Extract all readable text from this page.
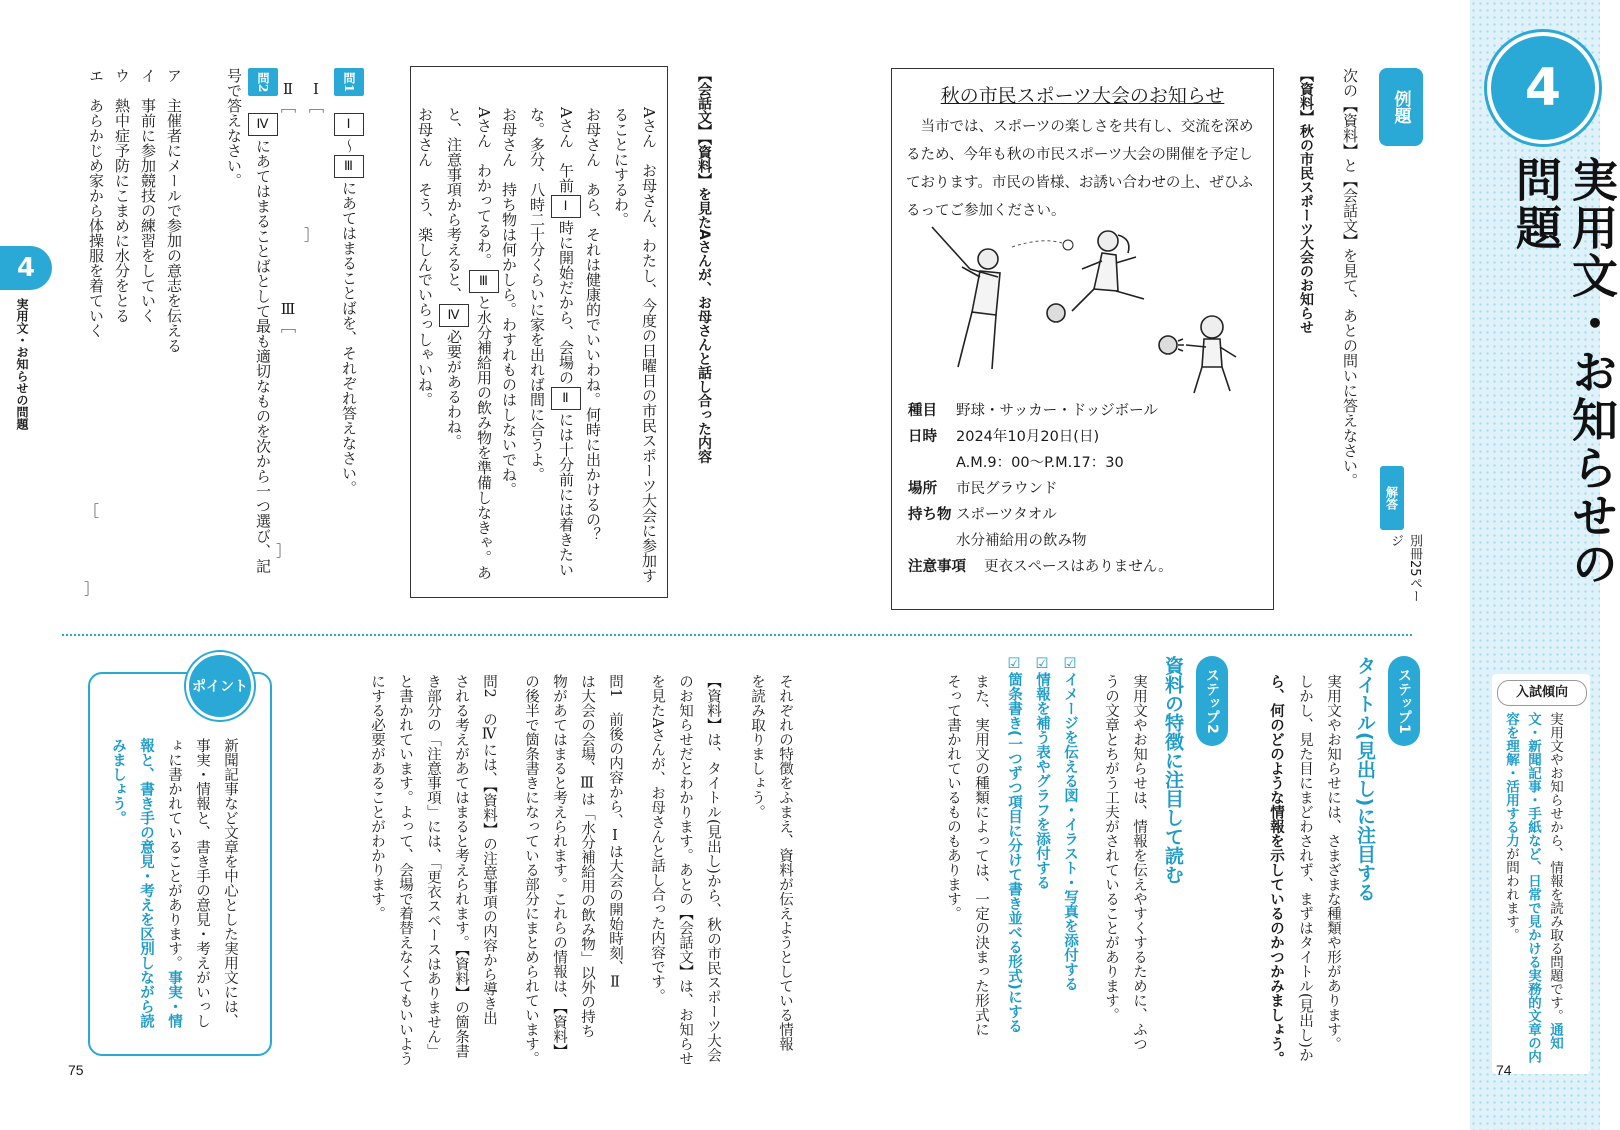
4
実用文・お知らせの問題
入試傾向
実用文やお知らせから、情報を読み取る問題です。通知文・新聞記事・手紙など、日常で見かける実務的文章の内容を理解・活用する力が問われます。
74
75
4
実用文・お知らせの問題
例題
次の【資料】と【会話文】を見て、あとの問いに答えなさい。
解答
別冊25ページ
【資料】秋の市民スポーツ大会のお知らせ
秋の市民スポーツ大会のお知らせ
当市では、スポーツの楽しさを共有し、交流を深めるため、今年も秋の市民スポーツ大会の開催を予定しております。市民の皆様、お誘い合わせの上、ぜひふるってご参加ください。
種目 野球・サッカー・ドッジボール
日時 2024年10月20日(日)
A.M.9：00〜P.M.17：30
場所 市民グラウンド
持ち物 スポーツタオル
水分補給用の飲み物
注意事項 更衣スペースはありません。
【会話文】【資料】を見たAさんが、お母さんと話し合った内容
Aさん　お母さん、わたし、今度の日曜日の市民スポーツ大会に参加することにするわ。
お母さん　あら、それは健康的でいいわね。何時に出かけるの？
Aさん　午前Ⅰ時に開始だから、会場のⅡには十分前には着きたいな。多分、八時二十分くらいに家を出れば間に合うよ。
お母さん　持ち物は何かしら。わすれものはしないでね。
Aさん　わかってるわ。Ⅲと水分補給用の飲み物を準備しなきゃ。あと、注意事項から考えると、Ⅳ必要があるわね。
お母さん　そう、楽しんでいらっしゃいね。
問1　Ⅰ〜Ⅲにあてはまることばを、それぞれ答えなさい。
Ⅰ［
］
Ⅱ［
Ⅲ［
］
問2　Ⅳにあてはまることばとして最も適切なものを次から一つ選び、記号で答えなさい。
ア　主催者にメールで参加の意志を伝える
イ　事前に参加競技の練習をしていく
ウ　熱中症予防にこまめに水分をとる
エ　あらかじめ家から体操服を着ていく
［
］
ステップ1
タイトル(見出し)に注目する
実用文やお知らせには、さまざまな種類や形があります。
しかし、見た目にまどわされず、まずはタイトル(見出し)か
ら、何のどのような情報を示しているのかつかみましょう。
ステップ2
資料の特徴に注目して読む
実用文やお知らせは、情報を伝えやすくするために、ふつ
うの文章とちがう工夫がされていることがあります。
☑イメージを伝える図・イラスト・写真を添付する
☑情報を補う表やグラフを添付する
☑箇条書き(一つずつ項目に分けて書き並べる形式)にする
また、実用文の種類によっては、一定の決まった形式に
そって書かれているものもあります。
それぞれの特徴をふまえ、資料が伝えようとしている情報
を読み取りましょう。
【資料】は、タイトル(見出し)から、秋の市民スポーツ大会
のお知らせだとわかります。あとの【会話文】は、お知らせ
を見たAさんが、お母さんと話し合った内容です。
問1　前後の内容から、Ⅰは大会の開始時刻、Ⅱ
は大会の会場、Ⅲは「水分補給用の飲み物」以外の持ち
物があてはまると考えられます。これらの情報は、【資料】
の後半で箇条書きになっている部分にまとめられています。
問2　のⅣには、【資料】の注意事項の内容から導き出
される考えがあてはまると考えられます。【資料】の箇条書
き部分の「注意事項」には、「更衣スペースはありません」
と書かれています。よって、会場で着替えなくてもいいよう
にする必要があることがわかります。
ポイント
新聞記事など文章を中心とした実用文には、事実・情報と、書き手の意見・考えがいっしょに書かれていることがあります。事実・情報と、書き手の意見・考えを区別しながら読みましょう。
